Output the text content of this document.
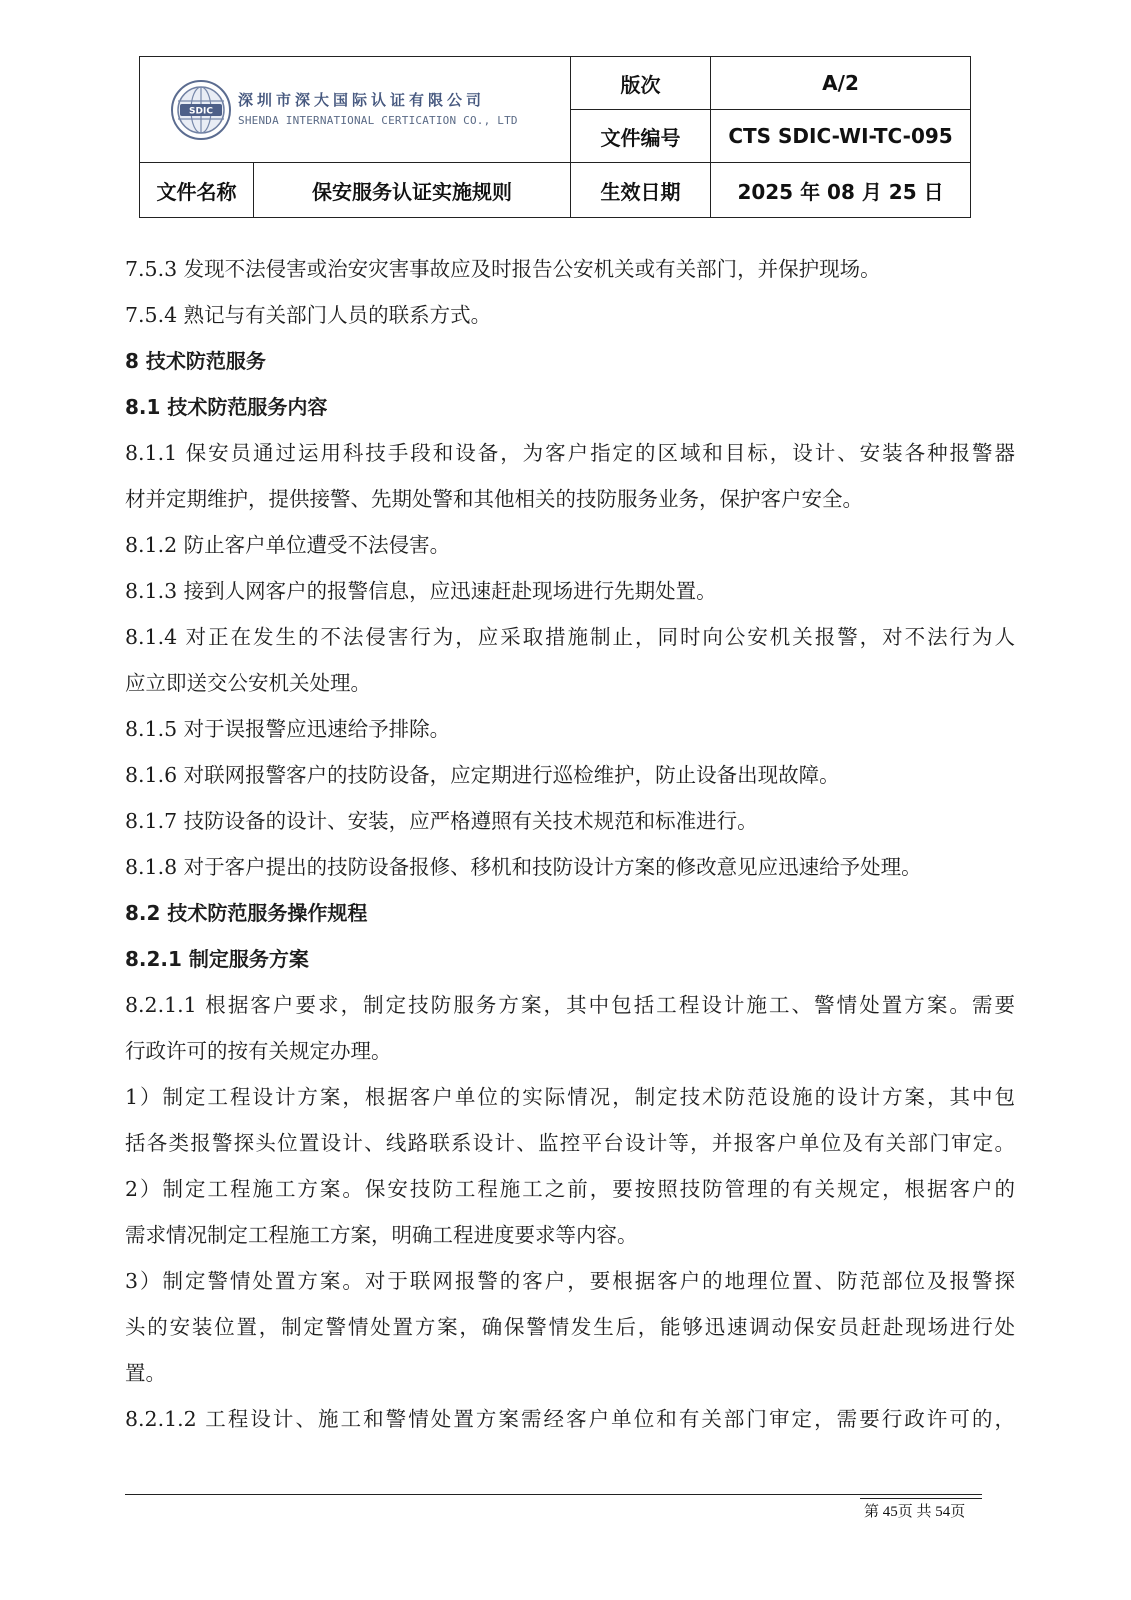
SDIC
深圳市深大国际认证有限公司
SHENDA INTERNATIONAL CERTICATION CO., LTD		版次	A/2
		文件编号	CTS SDIC-WI-TC-095
文件名称	保安服务认证实施规则	生效日期	2025 年 08 月 25 日
7.5.3 发现不法侵害或治安灾害事故应及时报告公安机关或有关部门，并保护现场。
7.5.4 熟记与有关部门人员的联系方式。
8 技术防范服务
8.1 技术防范服务内容
8.1.1 保安员通过运用科技手段和设备，为客户指定的区域和目标，设计、安装各种报警器
材并定期维护，提供接警、先期处警和其他相关的技防服务业务，保护客户安全。
8.1.2 防止客户单位遭受不法侵害。
8.1.3 接到人网客户的报警信息，应迅速赶赴现场进行先期处置。
8.1.4 对正在发生的不法侵害行为，应采取措施制止，同时向公安机关报警，对不法行为人
应立即送交公安机关处理。
8.1.5 对于误报警应迅速给予排除。
8.1.6 对联网报警客户的技防设备，应定期进行巡检维护，防止设备出现故障。
8.1.7 技防设备的设计、安装，应严格遵照有关技术规范和标准进行。
8.1.8 对于客户提出的技防设备报修、移机和技防设计方案的修改意见应迅速给予处理。
8.2 技术防范服务操作规程
8.2.1 制定服务方案
8.2.1.1 根据客户要求，制定技防服务方案，其中包括工程设计施工、警情处置方案。需要
行政许可的按有关规定办理。
1）制定工程设计方案，根据客户单位的实际情况，制定技术防范设施的设计方案，其中包
括各类报警探头位置设计、线路联系设计、监控平台设计等，并报客户单位及有关部门审定。
2）制定工程施工方案。保安技防工程施工之前，要按照技防管理的有关规定，根据客户的
需求情况制定工程施工方案，明确工程进度要求等内容。
3）制定警情处置方案。对于联网报警的客户，要根据客户的地理位置、防范部位及报警探
头的安装位置，制定警情处置方案，确保警情发生后，能够迅速调动保安员赶赴现场进行处
置。
8.2.1.2 工程设计、施工和警情处置方案需经客户单位和有关部门审定，需要行政许可的，
第 45页 共 54页
